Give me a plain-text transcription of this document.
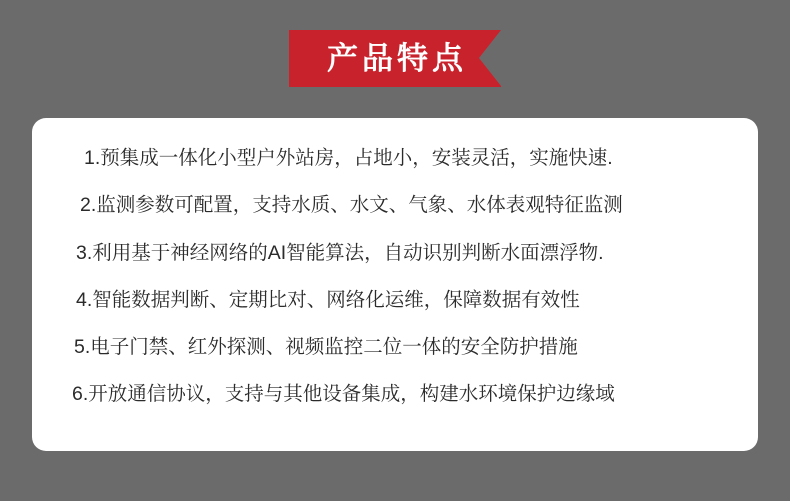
产品特点
1.预集成一体化小型户外站房，占地小，安装灵活，实施快速.
2.监测参数可配置，支持水质、水文、气象、水体表观特征监测
3.利用基于神经网络的AI智能算法，自动识别判断水面漂浮物.
4.智能数据判断、定期比对、网络化运维，保障数据有效性
5.电子门禁、红外探测、视频监控二位一体的安全防护措施
6.开放通信协议，支持与其他设备集成，构建水环境保护边缘域
